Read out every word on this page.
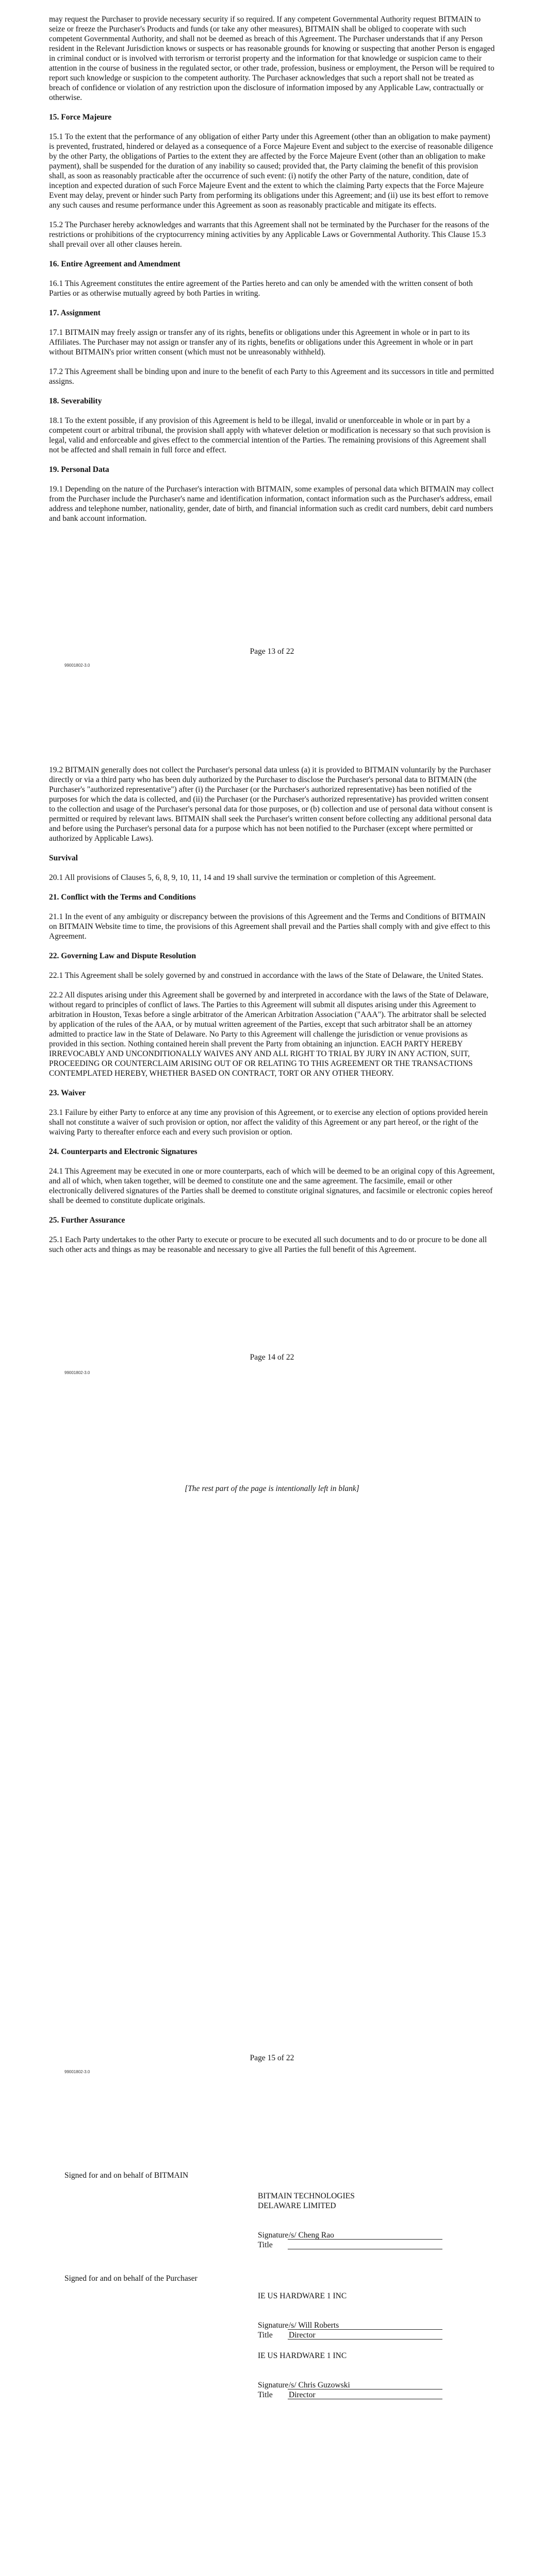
may request the Purchaser to provide necessary security if so required. If any competent Governmental Authority request BITMAIN to seize or freeze the Purchaser's Products and funds (or take any other measures), BITMAIN shall be obliged to cooperate with such competent Governmental Authority, and shall not be deemed as breach of this Agreement. The Purchaser understands that if any Person resident in the Relevant Jurisdiction knows or suspects or has reasonable grounds for knowing or suspecting that another Person is engaged in criminal conduct or is involved with terrorism or terrorist property and the information for that knowledge or suspicion came to their attention in the course of business in the regulated sector, or other trade, profession, business or employment, the Person will be required to report such knowledge or suspicion to the competent authority. The Purchaser acknowledges that such a report shall not be treated as breach of confidence or violation of any restriction upon the disclosure of information imposed by any Applicable Law, contractually or otherwise.

15. Force Majeure

15.1 To the extent that the performance of any obligation of either Party under this Agreement (other than an obligation to make payment) is prevented, frustrated, hindered or delayed as a consequence of a Force Majeure Event and subject to the exercise of reasonable diligence by the other Party, the obligations of Parties to the extent they are affected by the Force Majeure Event (other than an obligation to make payment), shall be suspended for the duration of any inability so caused; provided that, the Party claiming the benefit of this provision shall, as soon as reasonably practicable after the occurrence of such event: (i) notify the other Party of the nature, condition, date of inception and expected duration of such Force Majeure Event and the extent to which the claiming Party expects that the Force Majeure Event may delay, prevent or hinder such Party from performing its obligations under this Agreement; and (ii) use its best effort to remove any such causes and resume performance under this Agreement as soon as reasonably practicable and mitigate its effects.

15.2 The Purchaser hereby acknowledges and warrants that this Agreement shall not be terminated by the Purchaser for the reasons of the restrictions or prohibitions of the cryptocurrency mining activities by any Applicable Laws or Governmental Authority. This Clause 15.3 shall prevail over all other clauses herein.

16. Entire Agreement and Amendment

16.1 This Agreement constitutes the entire agreement of the Parties hereto and can only be amended with the written consent of both Parties or as otherwise mutually agreed by both Parties in writing.

17. Assignment

17.1 BITMAIN may freely assign or transfer any of its rights, benefits or obligations under this Agreement in whole or in part to its Affiliates. The Purchaser may not assign or transfer any of its rights, benefits or obligations under this Agreement in whole or in part without BITMAIN's prior written consent (which must not be unreasonably withheld).

17.2 This Agreement shall be binding upon and inure to the benefit of each Party to this Agreement and its successors in title and permitted assigns.

18. Severability

18.1 To the extent possible, if any provision of this Agreement is held to be illegal, invalid or unenforceable in whole or in part by a competent court or arbitral tribunal, the provision shall apply with whatever deletion or modification is necessary so that such provision is legal, valid and enforceable and gives effect to the commercial intention of the Parties. The remaining provisions of this Agreement shall not be affected and shall remain in full force and effect.

19. Personal Data

19.1 Depending on the nature of the Purchaser's interaction with BITMAIN, some examples of personal data which BITMAIN may collect from the Purchaser include the Purchaser's name and identification information, contact information such as the Purchaser's address, email address and telephone number, nationality, gender, date of birth, and financial information such as credit card numbers, debit card numbers and bank account information.

Page 13 of 22
99001802-3.0

19.2 BITMAIN generally does not collect the Purchaser's personal data unless (a) it is provided to BITMAIN voluntarily by the Purchaser directly or via a third party who has been duly authorized by the Purchaser to disclose the Purchaser's personal data to BITMAIN (the Purchaser's "authorized representative") after (i) the Purchaser (or the Purchaser's authorized representative) has been notified of the purposes for which the data is collected, and (ii) the Purchaser (or the Purchaser's authorized representative) has provided written consent to the collection and usage of the Purchaser's personal data for those purposes, or (b) collection and use of personal data without consent is permitted or required by relevant laws. BITMAIN shall seek the Purchaser's written consent before collecting any additional personal data and before using the Purchaser's personal data for a purpose which has not been notified to the Purchaser (except where permitted or authorized by Applicable Laws).

Survival

20.1 All provisions of Clauses 5, 6, 8, 9, 10, 11, 14 and 19 shall survive the termination or completion of this Agreement.

21. Conflict with the Terms and Conditions

21.1 In the event of any ambiguity or discrepancy between the provisions of this Agreement and the Terms and Conditions of BITMAIN on BITMAIN Website time to time, the provisions of this Agreement shall prevail and the Parties shall comply with and give effect to this Agreement.

22. Governing Law and Dispute Resolution

22.1 This Agreement shall be solely governed by and construed in accordance with the laws of the State of Delaware, the United States.

22.2 All disputes arising under this Agreement shall be governed by and interpreted in accordance with the laws of the State of Delaware, without regard to principles of conflict of laws. The Parties to this Agreement will submit all disputes arising under this Agreement to arbitration in Houston, Texas before a single arbitrator of the American Arbitration Association ("AAA"). The arbitrator shall be selected by application of the rules of the AAA, or by mutual written agreement of the Parties, except that such arbitrator shall be an attorney admitted to practice law in the State of Delaware. No Party to this Agreement will challenge the jurisdiction or venue provisions as provided in this section. Nothing contained herein shall prevent the Party from obtaining an injunction. EACH PARTY HEREBY IRREVOCABLY AND UNCONDITIONALLY WAIVES ANY AND ALL RIGHT TO TRIAL BY JURY IN ANY ACTION, SUIT, PROCEEDING OR COUNTERCLAIM ARISING OUT OF OR RELATING TO THIS AGREEMENT OR THE TRANSACTIONS CONTEMPLATED HEREBY, WHETHER BASED ON CONTRACT, TORT OR ANY OTHER THEORY.

23. Waiver

23.1 Failure by either Party to enforce at any time any provision of this Agreement, or to exercise any election of options provided herein shall not constitute a waiver of such provision or option, nor affect the validity of this Agreement or any part hereof, or the right of the waiving Party to thereafter enforce each and every such provision or option.

24. Counterparts and Electronic Signatures

24.1 This Agreement may be executed in one or more counterparts, each of which will be deemed to be an original copy of this Agreement, and all of which, when taken together, will be deemed to constitute one and the same agreement. The facsimile, email or other electronically delivered signatures of the Parties shall be deemed to constitute original signatures, and facsimile or electronic copies hereof shall be deemed to constitute duplicate originals.

25. Further Assurance

25.1 Each Party undertakes to the other Party to execute or procure to be executed all such documents and to do or procure to be done all such other acts and things as may be reasonable and necessary to give all Parties the full benefit of this Agreement.

Page 14 of 22
99001802-3.0
[The rest part of the page is intentionally left in blank]
Page 15 of 22
99001802-3.0
Signed for and on behalf of BITMAIN

BITMAIN TECHNOLOGIES

DELAWARE LIMITED

Signature /s/ Cheng Rao
Title
Signed for and on behalf of the Purchaser

IE US HARDWARE 1 INC

Signature /s/ Will Roberts
Title	Director

IE US HARDWARE 1 INC

Signature /s/ Chris Guzowski
Title	Director
